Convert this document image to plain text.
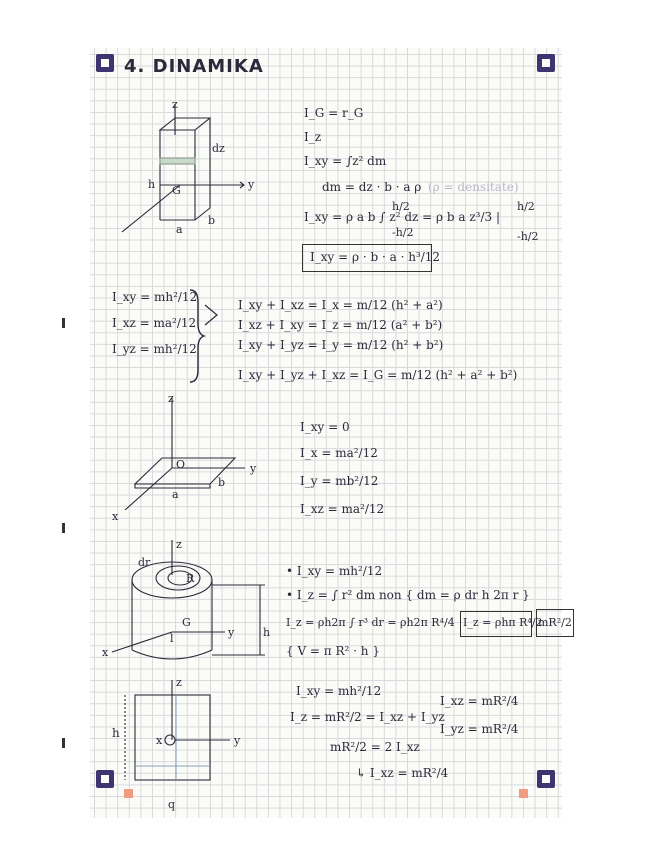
4. DINAMIKA
z
dz
y
h G
a
b
I_G = r_G
I_z
I_xy = ∫z² dm
dm = dz · b · a ρ (ρ = densitate)
I_xy = ρ a b ∫ z² dz = ρ b a z³/3 |
h/2
-h/2
h/2
-h/2
I_xy = ρ · b · a · h³/12
I_xy = mh²/12
I_xz = ma²/12
I_yz = mh²/12
I_xy + I_xz = I_x = m/12 (h² + a²)
I_xz + I_xy = I_z = m/12 (a² + b²)
I_xy + I_yz = I_y = m/12 (h² + b²)
I_xy + I_yz + I_xz = I_G = m/12 (h² + a² + b²)
z
y
x
a
b
O
I_xy = 0
I_x = ma²/12
I_y = mb²/12
I_xz = ma²/12
z
dr
R
G
l	y
x
h
• I_xy = mh²/12
• I_z = ∫ r² dm non { dm = ρ dr h 2π r }
I_z = ρh2π ∫ r³ dr = ρh2π R⁴/4 I_z = ρhπ R⁴/2
mR²/2
{ V = π R² · h }
z
h
x	y
q
I_xy = mh²/12
I_z = mR²/2 = I_xz + I_yz
I_xz = mR²/4
I_yz = mR²/4
mR²/2 = 2 I_xz
↳ I_xz = mR²/4
